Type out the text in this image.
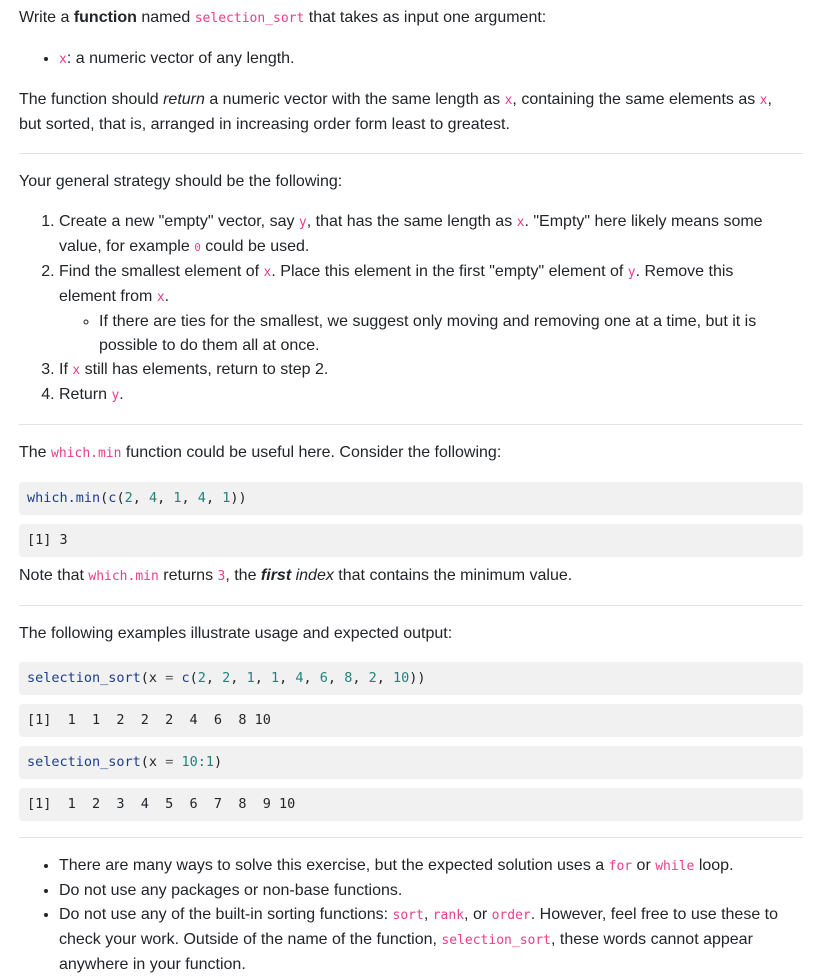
Write a function named selection_sort that takes as input one argument:

• x: a numeric vector of any length.

The function should return a numeric vector with the same length as x, containing the same elements as x,
but sorted, that is, arranged in increasing order form least to greatest.

Your general strategy should be the following:

1. Create a new "empty" vector, say y, that has the same length as x. "Empty" here likely means some
value, for example 0 could be used.
2. Find the smallest element of x. Place this element in the first "empty" element of y. Remove this
element from x.
◦ If there are ties for the smallest, we suggest only moving and removing one at a time, but it is
possible to do them all at once.
3. If x still has elements, return to step 2.
4. Return y.

The which.min function could be useful here. Consider the following:

which.min(c(2, 4, 1, 4, 1))
[1] 3

Note that which.min returns 3, the first index that contains the minimum value.

The following examples illustrate usage and expected output:

selection_sort(x = c(2, 2, 1, 1, 4, 6, 8, 2, 10))
[1]  1  1  2  2  2  4  6  8 10
selection_sort(x = 10:1)
[1]  1  2  3  4  5  6  7  8  9 10
• There are many ways to solve this exercise, but the expected solution uses a for or while loop.
• Do not use any packages or non-base functions.
• Do not use any of the built-in sorting functions: sort, rank, or order. However, feel free to use these to
check your work. Outside of the name of the function, selection_sort, these words cannot appear
anywhere in your function.
